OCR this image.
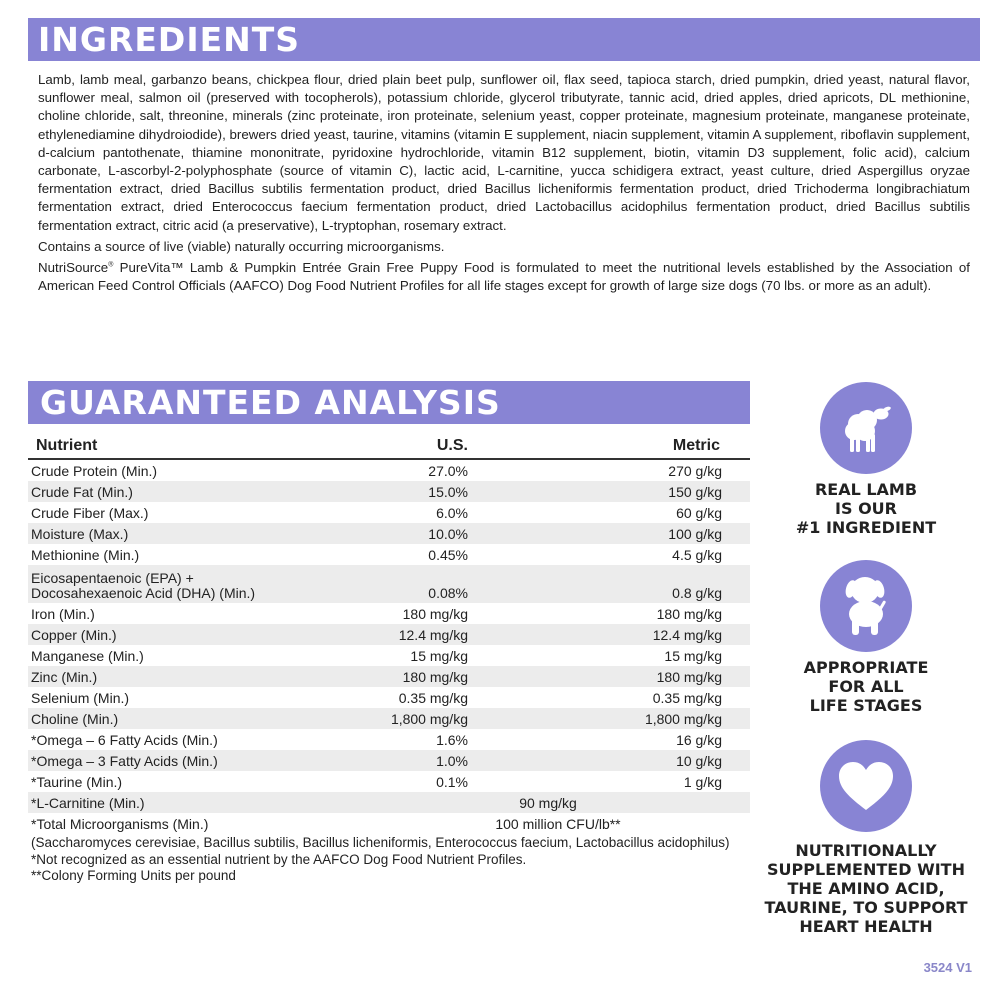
INGREDIENTS

Lamb, lamb meal, garbanzo beans, chickpea flour, dried plain beet pulp, sunflower oil, flax seed, tapioca starch, dried pumpkin, dried yeast, natural flavor, sunflower meal, salmon oil (preserved with tocopherols), potassium chloride, glycerol tributyrate, tannic acid, dried apples, dried apricots, DL methionine, choline chloride, salt, threonine, minerals (zinc proteinate, iron proteinate, selenium yeast, copper proteinate, magnesium proteinate, manganese proteinate, ethylenediamine dihydroiodide), brewers dried yeast, taurine, vitamins (vitamin E supplement, niacin supplement, vitamin A supplement, riboflavin supplement, d-calcium pantothenate, thiamine mononitrate, pyridoxine hydrochloride, vitamin B12 supplement, biotin, vitamin D3 supplement, folic acid), calcium carbonate, L-ascorbyl-2-polyphosphate (source of vitamin C), lactic acid, L-carnitine, yucca schidigera extract, yeast culture, dried Aspergillus oryzae fermentation extract, dried Bacillus subtilis fermentation product, dried Bacillus licheniformis fermentation product, dried Trichoderma longibrachiatum fermentation extract, dried Enterococcus faecium fermentation product, dried Lactobacillus acidophilus fermentation product, dried Bacillus subtilis fermentation extract, citric acid (a preservative), L-tryptophan, rosemary extract.

Contains a source of live (viable) naturally occurring microorganisms.

NutriSource® PureVita™ Lamb & Pumpkin Entrée Grain Free Puppy Food is formulated to meet the nutritional levels established by the Association of American Feed Control Officials (AAFCO) Dog Food Nutrient Profiles for all life stages except for growth of large size dogs (70 lbs. or more as an adult).

GUARANTEED ANALYSIS
Nutrient	U.S.	Metric
Crude Protein (Min.)	27.0%	270 g/kg
Crude Fat (Min.)	15.0%	150 g/kg
Crude Fiber (Max.)	6.0%	60 g/kg
Moisture (Max.)	10.0%	100 g/kg
Methionine (Min.)	0.45%	4.5 g/kg
Eicosapentaenoic (EPA) +
Docosahexaenoic Acid (DHA) (Min.)	0.08%	0.8 g/kg
Iron (Min.)	180 mg/kg	180 mg/kg
Copper (Min.)	12.4 mg/kg	12.4 mg/kg
Manganese (Min.)	15 mg/kg	15 mg/kg
Zinc (Min.)	180 mg/kg	180 mg/kg
Selenium (Min.)	0.35 mg/kg	0.35 mg/kg
Choline (Min.)	1,800 mg/kg	1,800 mg/kg
*Omega – 6 Fatty Acids (Min.)	1.6%	16 g/kg
*Omega – 3 Fatty Acids (Min.)	1.0%	10 g/kg
*Taurine (Min.)	0.1%	1 g/kg
*L-Carnitine (Min.)	90 mg/kg
*Total Microorganisms (Min.)	100 million CFU/lb**
(Saccharomyces cerevisiae, Bacillus subtilis, Bacillus licheniformis, Enterococcus faecium, Lactobacillus acidophilus)
*Not recognized as an essential nutrient by the AAFCO Dog Food Nutrient Profiles.
**Colony Forming Units per pound
REAL LAMB
IS OUR
#1 INGREDIENT
APPROPRIATE
FOR ALL
LIFE STAGES
NUTRITIONALLY
SUPPLEMENTED WITH
THE AMINO ACID,
TAURINE, TO SUPPORT
HEART HEALTH
3524 V1
